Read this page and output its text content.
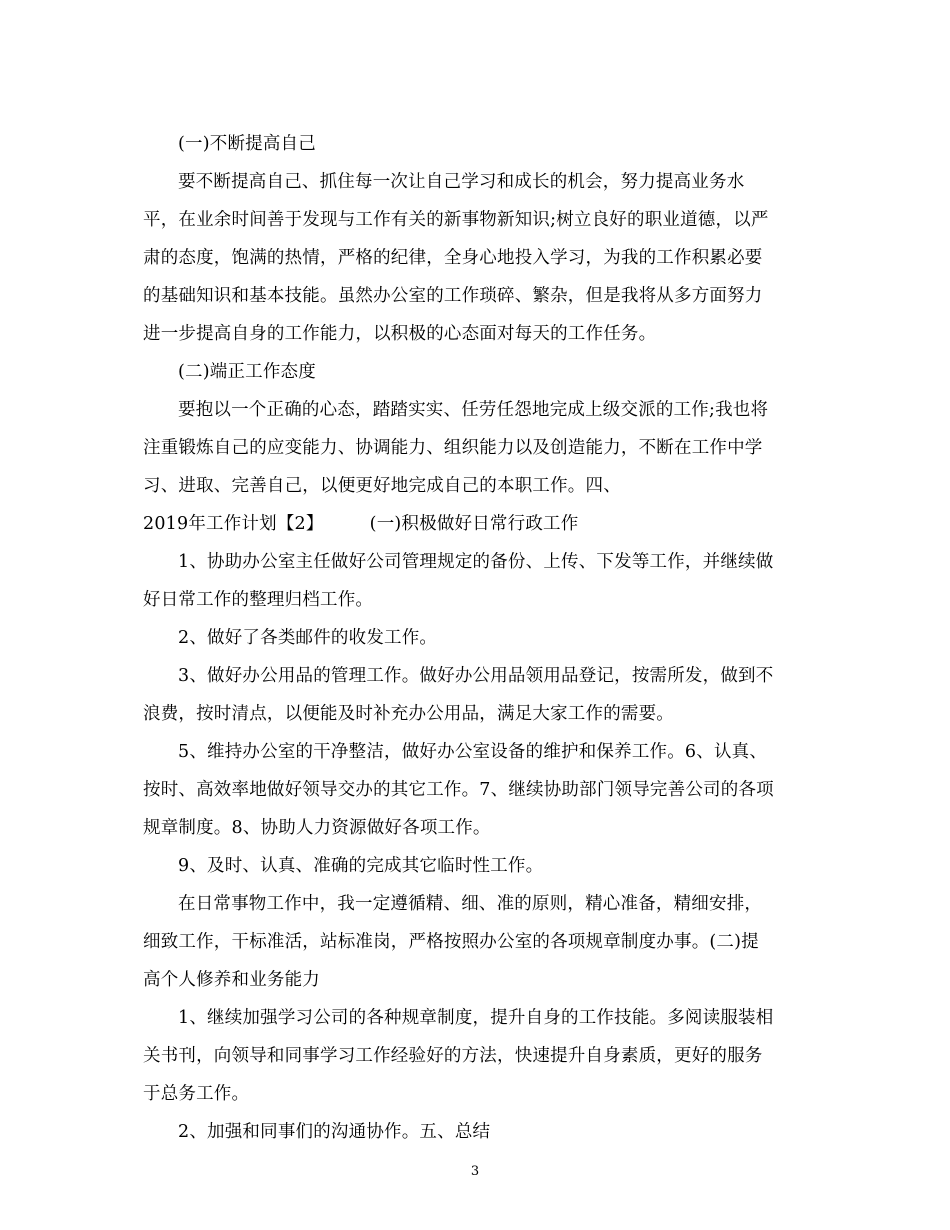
(一)不断提高自己
要不断提高自己、抓住每一次让自己学习和成长的机会，努力提高业务水
平，在业余时间善于发现与工作有关的新事物新知识;树立良好的职业道德，以严
肃的态度，饱满的热情，严格的纪律，全身心地投入学习，为我的工作积累必要
的基础知识和基本技能。虽然办公室的工作琐碎、繁杂，但是我将从多方面努力
进一步提高自身的工作能力，以积极的心态面对每天的工作任务。
(二)端正工作态度
要抱以一个正确的心态，踏踏实实、任劳任怨地完成上级交派的工作;我也将
注重锻炼自己的应变能力、协调能力、组织能力以及创造能力，不断在工作中学
习、进取、完善自己，以便更好地完成自己的本职工作。四、
2019年工作计划【2】        (一)积极做好日常行政工作
1、协助办公室主任做好公司管理规定的备份、上传、下发等工作，并继续做
好日常工作的整理归档工作。
2、做好了各类邮件的收发工作。
3、做好办公用品的管理工作。做好办公用品领用品登记，按需所发，做到不
浪费，按时清点，以便能及时补充办公用品，满足大家工作的需要。
5、维持办公室的干净整洁，做好办公室设备的维护和保养工作。6、认真、
按时、高效率地做好领导交办的其它工作。7、继续协助部门领导完善公司的各项
规章制度。8、协助人力资源做好各项工作。
9、及时、认真、准确的完成其它临时性工作。
在日常事物工作中，我一定遵循精、细、准的原则，精心准备，精细安排，
细致工作，干标准活，站标准岗，严格按照办公室的各项规章制度办事。(二)提
高个人修养和业务能力
1、继续加强学习公司的各种规章制度，提升自身的工作技能。多阅读服装相
关书刊，向领导和同事学习工作经验好的方法，快速提升自身素质，更好的服务
于总务工作。
2、加强和同事们的沟通协作。五、总结
3
